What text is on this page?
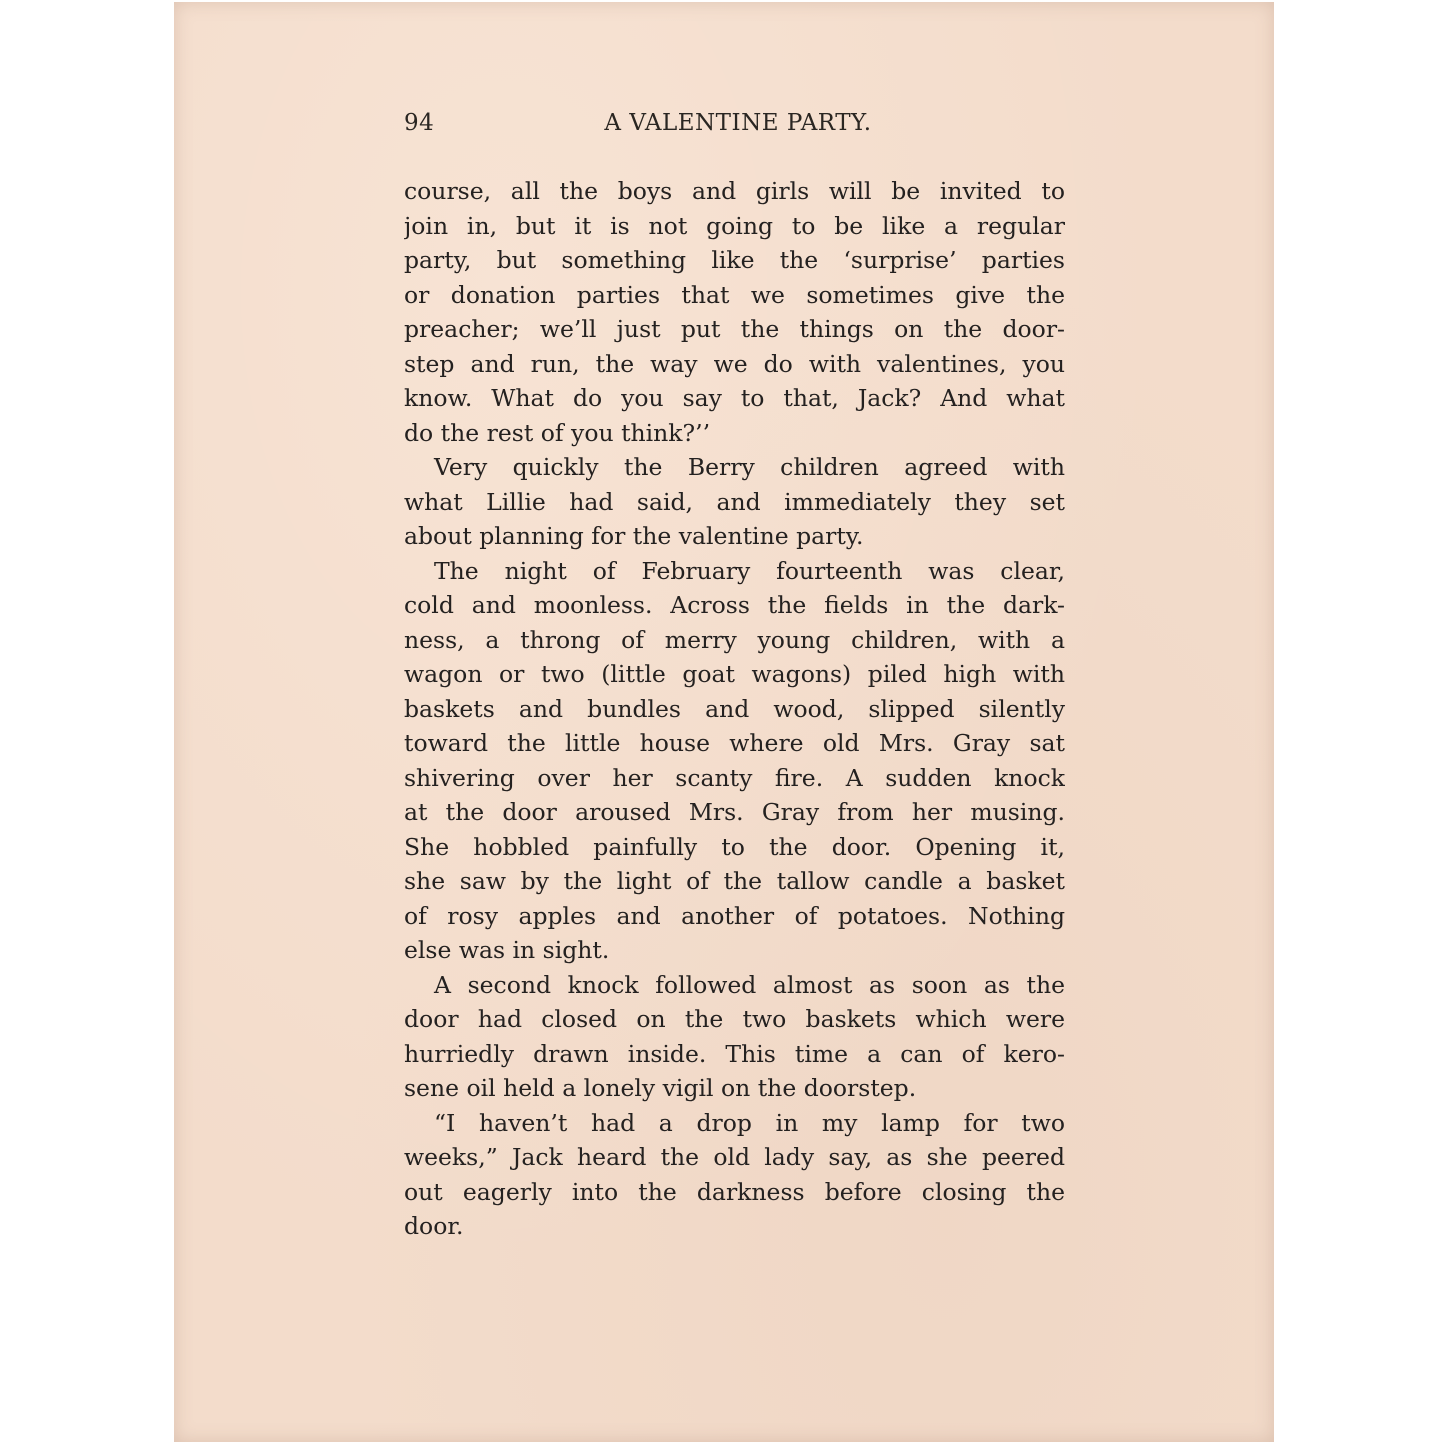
94	A VALENTINE PARTY.

course, all the boys and girls will be invited to
join in, but it is not going to be like a regular
party, but something like the ‘surprise’ parties
or donation parties that we sometimes give the
preacher; we’ll just put the things on the door-
step and run, the way we do with valentines, you
know. What do you say to that, Jack? And what
do the rest of you think?’’

Very quickly the Berry children agreed with
what Lillie had said, and immediately they set
about planning for the valentine party.

The night of February fourteenth was clear,
cold and moonless. Across the fields in the dark-
ness, a throng of merry young children, with a
wagon or two (little goat wagons) piled high with
baskets and bundles and wood, slipped silently
toward the little house where old Mrs. Gray sat
shivering over her scanty fire. A sudden knock
at the door aroused Mrs. Gray from her musing.
She hobbled painfully to the door. Opening it,
she saw by the light of the tallow candle a basket
of rosy apples and another of potatoes. Nothing
else was in sight.

A second knock followed almost as soon as the
door had closed on the two baskets which were
hurriedly drawn inside. This time a can of kero-
sene oil held a lonely vigil on the doorstep.

“I haven’t had a drop in my lamp for two
weeks,” Jack heard the old lady say, as she peered
out eagerly into the darkness before closing the
door.
